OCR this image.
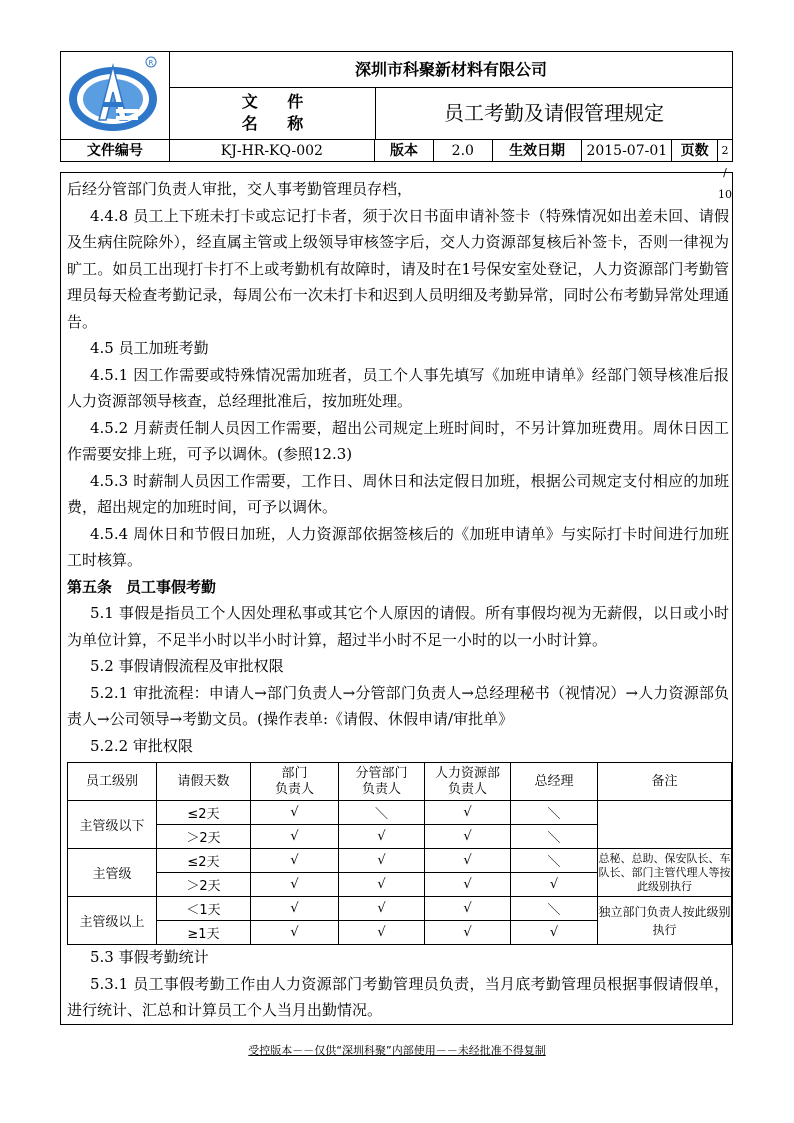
R	深圳市科聚新材料有限公司
文 件
名 称	员工考勤及请假管理规定
文件编号	KJ-HR-KQ-002	版本	2.0	生效日期	2015-07-01 页数	2 / 10

后经分管部门负责人审批，交人事考勤管理员存档，

4.4.8 员工上下班未打卡或忘记打卡者，须于次日书面申请补签卡（特殊情况如出差未回、请假及生病住院除外），经直属主管或上级领导审核签字后，交人力资源部复核后补签卡，否则一律视为旷工。如员工出现打卡打不上或考勤机有故障时，请及时在1号保安室处登记，人力资源部门考勤管理员每天检查考勤记录，每周公布一次未打卡和迟到人员明细及考勤异常，同时公布考勤异常处理通告。

4.5 员工加班考勤

4.5.1 因工作需要或特殊情况需加班者，员工个人事先填写《加班申请单》经部门领导核准后报人力资源部领导核查，总经理批准后，按加班处理。

4.5.2 月薪责任制人员因工作需要，超出公司规定上班时间时，不另计算加班费用。周休日因工作需要安排上班，可予以调休。(参照12.3)

4.5.3 时薪制人员因工作需要，工作日、周休日和法定假日加班，根据公司规定支付相应的加班费，超出规定的加班时间，可予以调休。

4.5.4 周休日和节假日加班，人力资源部依据签核后的《加班申请单》与实际打卡时间进行加班工时核算。

第五条 员工事假考勤

5.1 事假是指员工个人因处理私事或其它个人原因的请假。所有事假均视为无薪假，以日或小时为单位计算，不足半小时以半小时计算，超过半小时不足一小时的以一小时计算。

5.2 事假请假流程及审批权限

5.2.1 审批流程：申请人→部门负责人→分管部门负责人→总经理秘书（视情况）→人力资源部负责人→公司领导→考勤文员。(操作表单:《请假、休假申请/审批单》

5.2.2 审批权限

员工级别	请假天数	部门
负责人	分管部门
负责人	人力资源部
负责人	总经理	备注
主管级以下	≤2天	√	＼	√	＼	
	＞2天	√	√	√	＼	
主管级	≤2天	√	√	√	＼	总秘、总助、保安队长、车队长、部门主管代理人等按此级别执行
	＞2天	√	√	√	√	
主管级以上	＜1天	√	√	√	＼	独立部门负责人按此级别执行
	≥1天	√	√	√	√	

5.3 事假考勤统计

5.3.1 员工事假考勤工作由人力资源部门考勤管理员负责，当月底考勤管理员根据事假请假单，进行统计、汇总和计算员工个人当月出勤情况。

受控版本－－仅供“深圳科聚”内部使用－－未经批准不得复制
